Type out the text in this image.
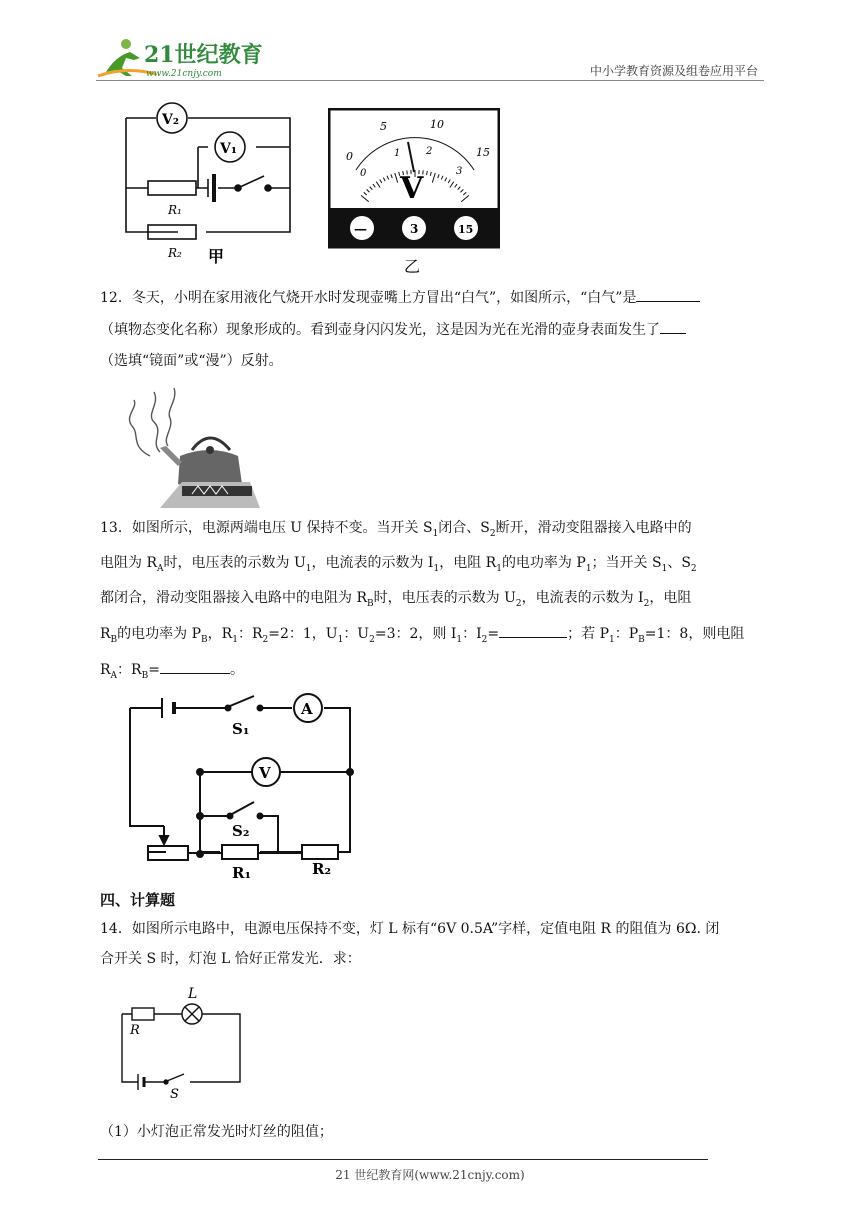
21世纪教育
www.21cnjy.com	中小学教育资源及组卷应用平台
V₂
V₁
R₁
R₂ 甲
0
5	10
15
0
1	2
3
V
—	3	15
乙
12．冬天，小明在家用液化气烧开水时发现壶嘴上方冒出“白气”，如图所示，“白气”是
（填物态变化名称）现象形成的。看到壶身闪闪发光，这是因为光在光滑的壶身表面发生了
（选填“镜面”或“漫”）反射。
13．如图所示，电源两端电压 U 保持不变。当开关 $S_1$闭合、$S_2$断开，滑动变阻器接入电路中的
电阻为 $R_A$时，电压表的示数为 $U_1$，电流表的示数为 $I_1$，电阻 $R_1$的电功率为 $P_1$；当开关 $S_1$、$S_2$
都闭合，滑动变阻器接入电路中的电阻为 $R_B$时，电压表的示数为 $U_2$，电流表的示数为 $I_2$，电阻
$R_B$的电功率为 $P_B$，$R_1$：$R_2=2$：1，$U_1$：$U_2=3$：2，则 $I_1$：$I_2=$	；若 $P_1$：$P_B=1$：8，则电阻
$R_A$：$R_B=$	。
A
V
S₁
S₂
R₁	R₂
四、计算题
14．如图所示电路中，电源电压保持不变，灯 L 标有“6V 0.5A”字样，定值电阻 R 的阻值为 6Ω. 闭
合开关 S 时，灯泡 L 恰好正常发光．求：
L
R
S
（1）小灯泡正常发光时灯丝的阻值；
21 世纪教育网(www.21cnjy.com)
